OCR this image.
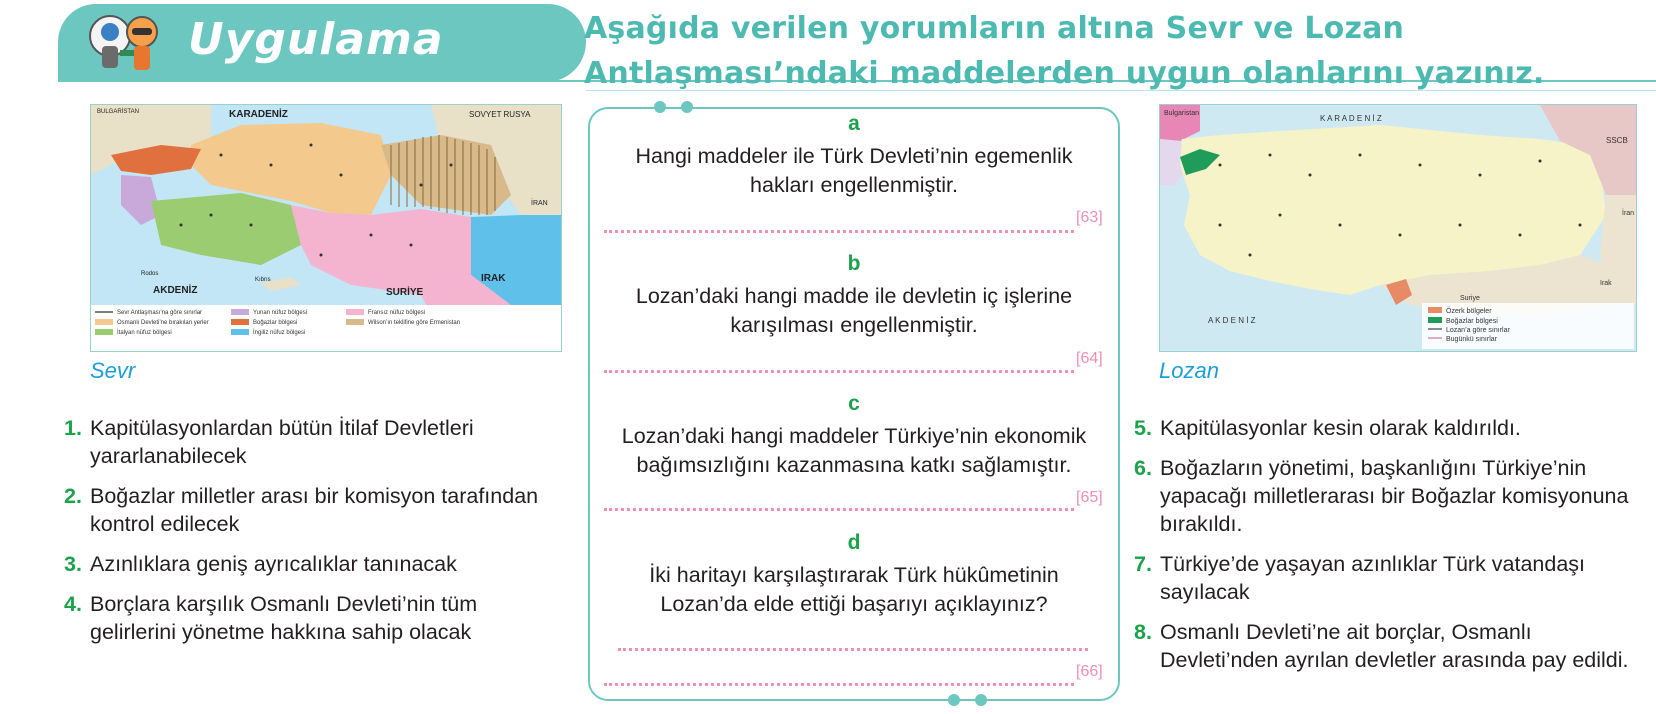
Uygulama	Aşağıda verilen yorumların altına Sevr ve Lozan Antlaşması’ndaki maddelerden uygun olanlarını yazınız.
Sevr Antlaşması’na göre sınırlar
Osmanlı Devleti’ne bırakılan yerler
İtalyan nüfuz bölgesi
Yunan nüfuz bölgesi
Boğazlar bölgesi
İngiliz nüfuz bölgesi
Fransız nüfuz bölgesi
Wilson’ın teklifine göre Ermenistan
BULGARİSTAN	KARADENİZ	SOVYET RUSYA
AKDENİZ	SURİYE
IRAK
İRAN
Kıbrıs
Rodos
Sevr
1. Kapitülasyonlardan bütün İtilaf Devletleri yararlanabilecek
2. Boğazlar milletler arası bir komisyon tarafından kontrol edilecek
3. Azınlıklara geniş ayrıcalıklar tanınacak
4. Borçlara karşılık Osmanlı Devleti’nin tüm gelirlerini yönetme hakkına sahip olacak
a
Hangi maddeler ile Türk Devleti’nin egemenlik hakları engellenmiştir.
[63]
b
Lozan’daki hangi madde ile devletin iç işlerine karışılması engellenmiştir.
[64]
c
Lozan’daki hangi maddeler Türkiye’nin ekonomik bağımsızlığını kazanmasına katkı sağlamıştır.
[65]
d
İki haritayı karşılaştırarak Türk hükûmetinin Lozan’da elde ettiği başarıyı açıklayınız?
[66]
Özerk bölgeler
Boğazlar bölgesi
Lozan’a göre sınırlar
Bugünkü sınırlar
Bulgaristan
K A R A D E N İ Z
SSCB
A K D E N İ Z
Suriye
Irak
İran
Lozan
5. Kapitülasyonlar kesin olarak kaldırıldı.
6. Boğazların yönetimi, başkanlığını Türkiye’nin yapacağı milletlerarası bir Boğazlar komisyonuna bırakıldı.
7. Türkiye’de yaşayan azınlıklar Türk vatandaşı sayılacak
8. Osmanlı Devleti’ne ait borçlar, Osmanlı Devleti’nden ayrılan devletler arasında pay edildi.
